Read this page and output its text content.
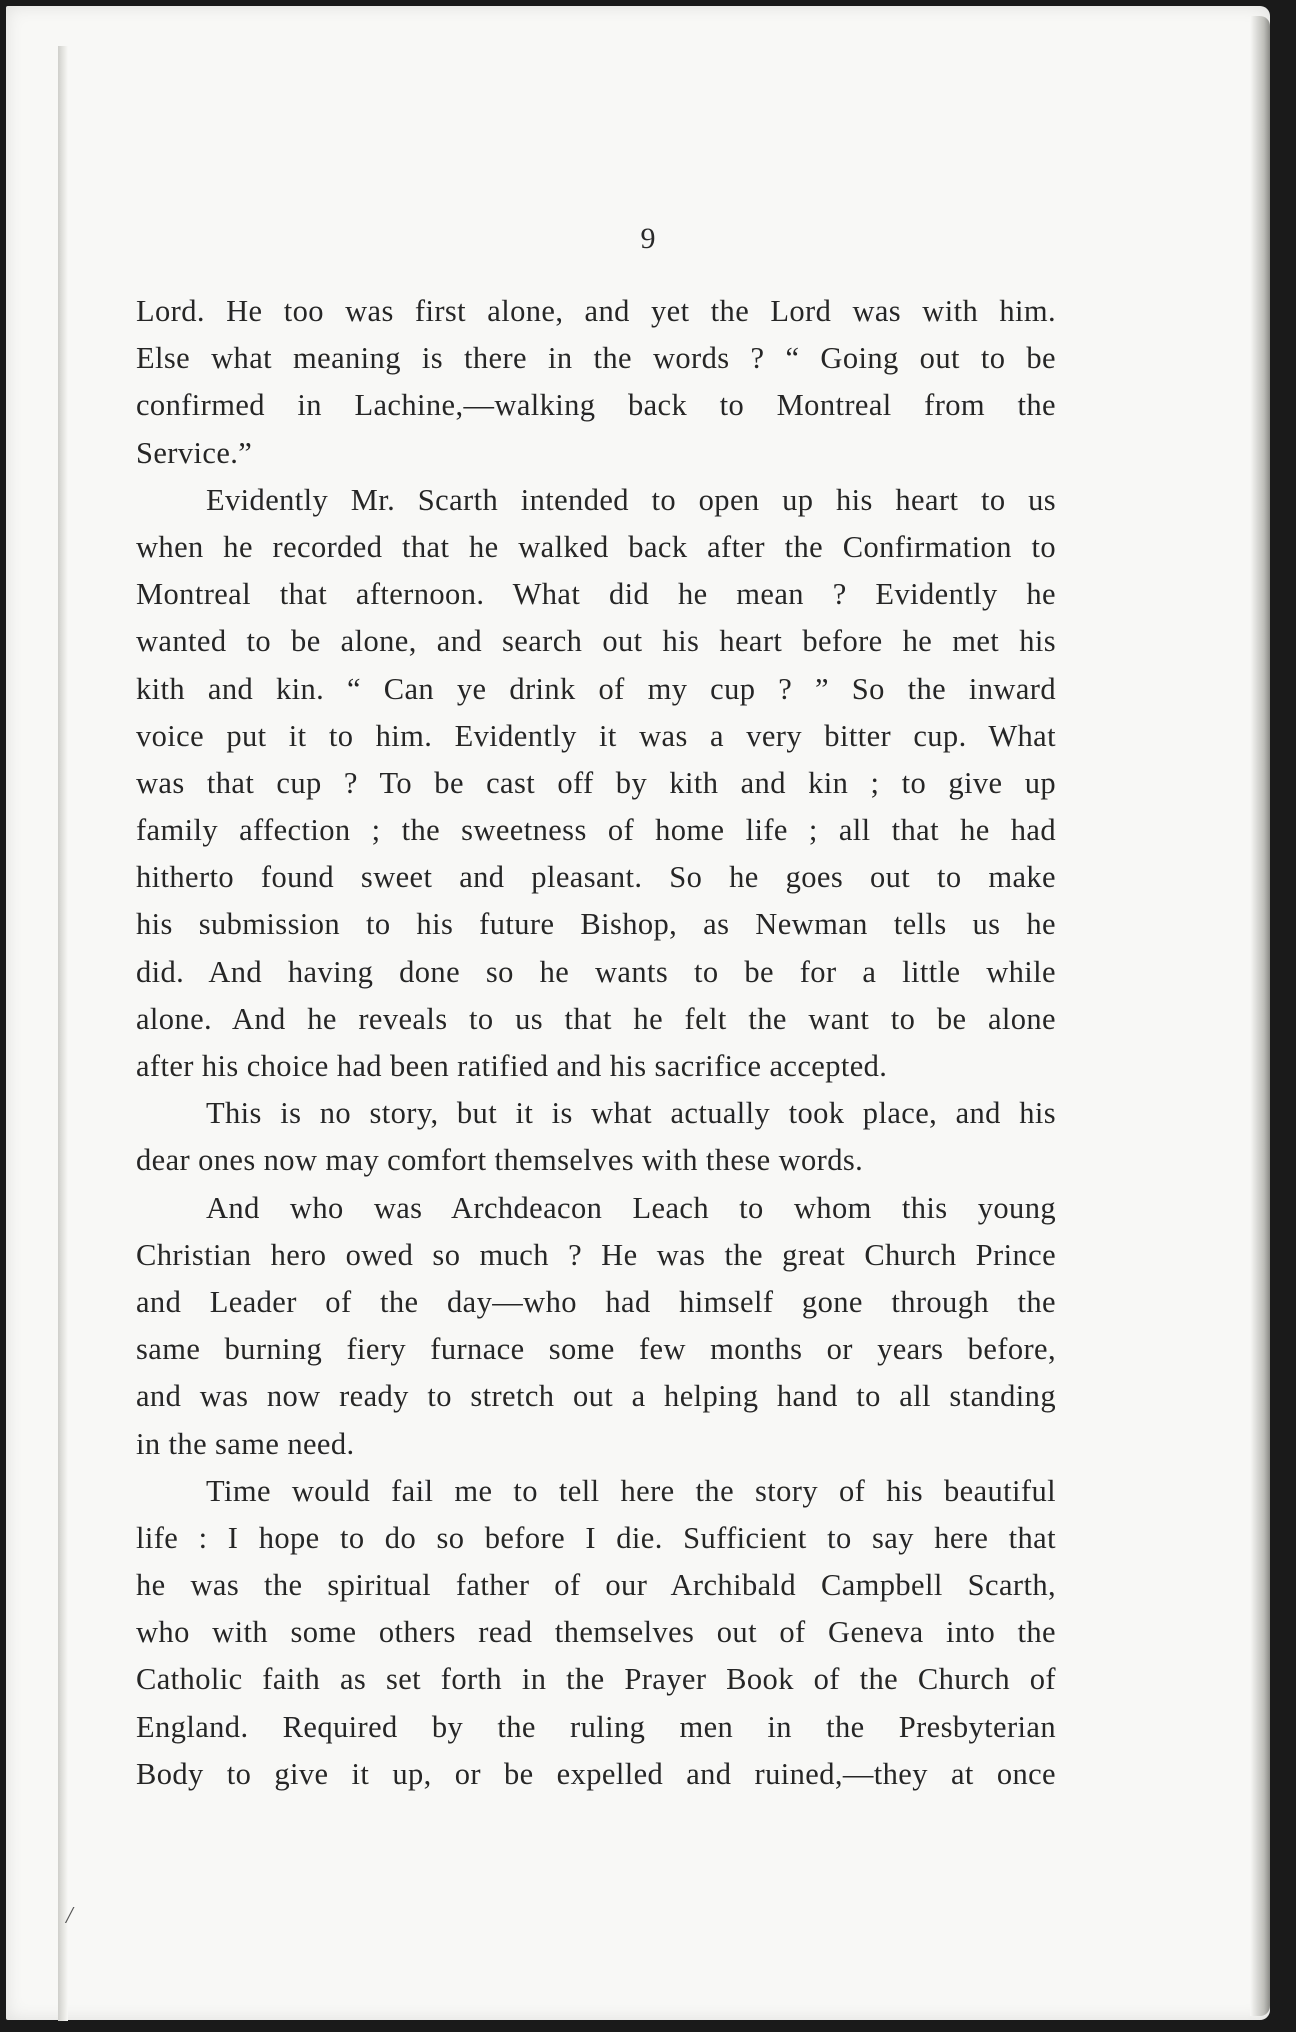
9
Lord. He too was first alone, and yet the Lord was with him.
Else what meaning is there in the words ? “ Going out to be
confirmed in Lachine,—walking back to Montreal from the
Service.”
Evidently Mr. Scarth intended to open up his heart to us
when he recorded that he walked back after the Confirmation to
Montreal that afternoon. What did he mean ? Evidently he
wanted to be alone, and search out his heart before he met his
kith and kin. “ Can ye drink of my cup ? ” So the inward
voice put it to him. Evidently it was a very bitter cup. What
was that cup ? To be cast off by kith and kin ; to give up
family affection ; the sweetness of home life ; all that he had
hitherto found sweet and pleasant. So he goes out to make
his submission to his future Bishop, as Newman tells us he
did. And having done so he wants to be for a little while
alone. And he reveals to us that he felt the want to be alone
after his choice had been ratified and his sacrifice accepted.
This is no story, but it is what actually took place, and his
dear ones now may comfort themselves with these words.
And who was Archdeacon Leach to whom this young
Christian hero owed so much ? He was the great Church Prince
and Leader of the day—who had himself gone through the
same burning fiery furnace some few months or years before,
and was now ready to stretch out a helping hand to all standing
in the same need.
Time would fail me to tell here the story of his beautiful
life : I hope to do so before I die. Sufficient to say here that
he was the spiritual father of our Archibald Campbell Scarth,
who with some others read themselves out of Geneva into the
Catholic faith as set forth in the Prayer Book of the Church of
England. Required by the ruling men in the Presbyterian
Body to give it up, or be expelled and ruined,—they at once
/
